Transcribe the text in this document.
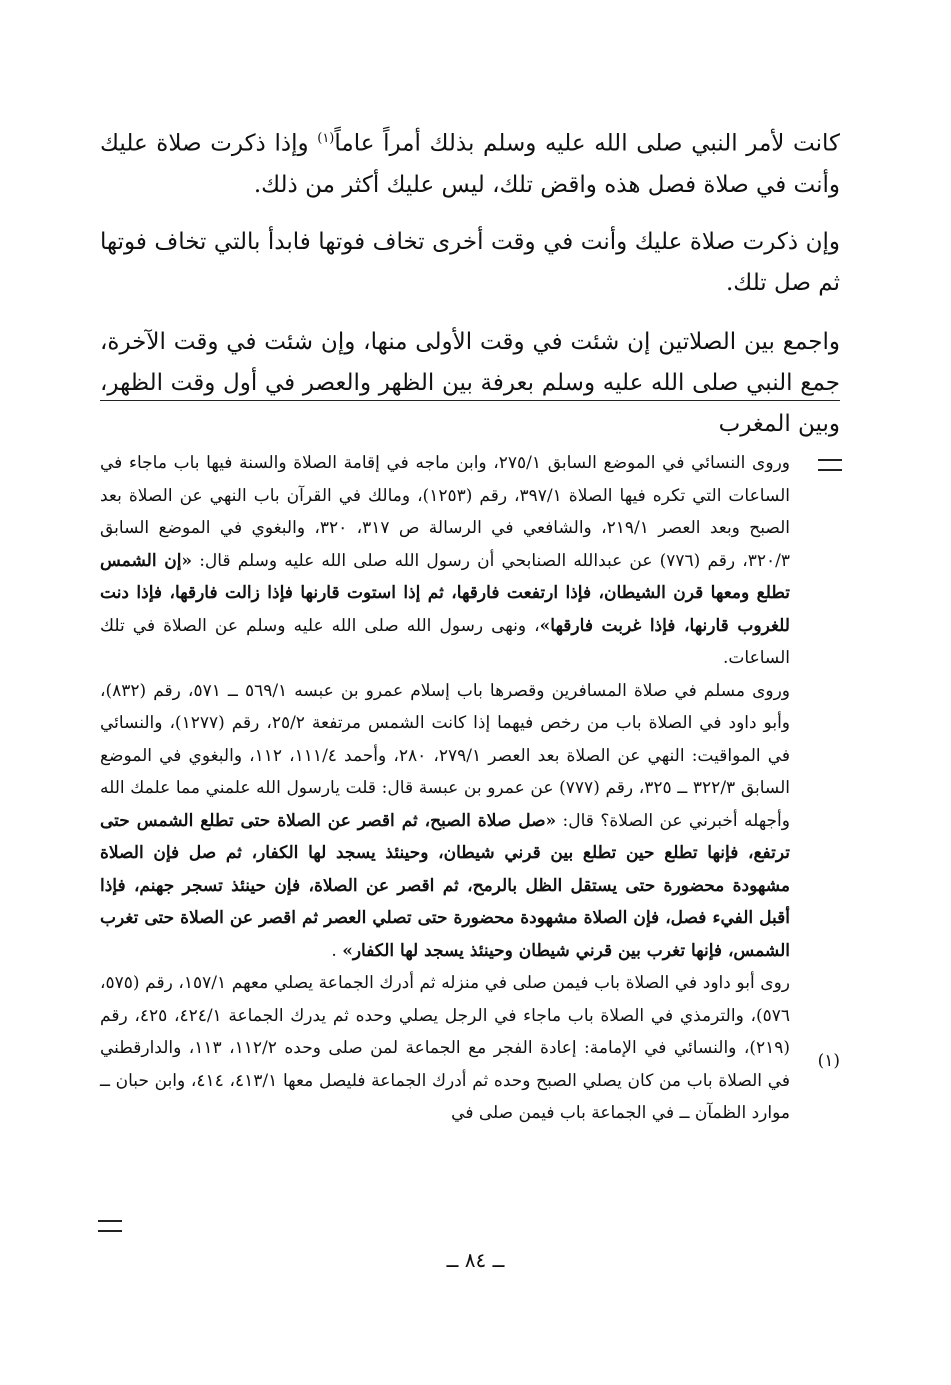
كانت لأمر النبي صلى الله عليه وسلم بذلك أمراً عاماً$^{(١)}$ وإذا ذكرت صلاة عليك وأنت في صلاة فصل هذه واقض تلك، ليس عليك أكثر من ذلك.

وإن ذكرت صلاة عليك وأنت في وقت أخرى تخاف فوتها فابدأ بالتي تخاف فوتها ثم صل تلك.

واجمع بين الصلاتين إن شئت في وقت الأولى منها، وإن شئت في وقت الآخرة، جمع النبي صلى الله عليه وسلم بعرفة بين الظهر والعصر في أول وقت الظهر، وبين المغرب

وروى النسائي في الموضع السابق ٢٧٥/١، وابن ماجه في إقامة الصلاة والسنة فيها باب ماجاء في الساعات التي تكره فيها الصلاة ٣٩٧/١، رقم (١٢٥٣)، ومالك في القرآن باب النهي عن الصلاة بعد الصبح وبعد العصر ٢١٩/١، والشافعي في الرسالة ص ٣١٧، ٣٢٠، والبغوي في الموضع السابق ٣٢٠/٣، رقم (٧٧٦) عن عبدالله الصنابحي أن رسول الله صلى الله عليه وسلم قال: «إن الشمس تطلع ومعها قرن الشيطان، فإذا ارتفعت فارقها، ثم إذا استوت قارنها فإذا زالت فارقها، فإذا دنت للغروب قارنها، فإذا غربت فارقها»، ونهى رسول الله صلى الله عليه وسلم عن الصلاة في تلك الساعات.

وروى مسلم في صلاة المسافرين وقصرها باب إسلام عمرو بن عبسه ٥٦٩/١ ــ ٥٧١، رقم (٨٣٢)، وأبو داود في الصلاة باب من رخص فيهما إذا كانت الشمس مرتفعة ٢٥/٢، رقم (١٢٧٧)، والنسائي في المواقيت: النهي عن الصلاة بعد العصر ٢٧٩/١، ٢٨٠، وأحمد ١١١/٤، ١١٢، والبغوي في الموضع السابق ٣٢٢/٣ ــ ٣٢٥، رقم (٧٧٧) عن عمرو بن عبسة قال: قلت يارسول الله علمني مما علمك الله وأجهله أخبرني عن الصلاة؟ قال: «صل صلاة الصبح، ثم اقصر عن الصلاة حتى تطلع الشمس حتى ترتفع، فإنها تطلع حين تطلع بين قرني شيطان، وحينئذ يسجد لها الكفار، ثم صل فإن الصلاة مشهودة محضورة حتى يستقل الظل بالرمح، ثم اقصر عن الصلاة، فإن حينئذ تسجر جهنم، فإذا أقبل الفيء فصل، فإن الصلاة مشهودة محضورة حتى تصلي العصر ثم اقصر عن الصلاة حتى تغرب الشمس، فإنها تغرب بين قرني شيطان وحينئذ يسجد لها الكفار» .

روى أبو داود في الصلاة باب فيمن صلى في منزله ثم أدرك الجماعة يصلي معهم ١٥٧/١، رقم (٥٧٥، ٥٧٦)، والترمذي في الصلاة باب ماجاء في الرجل يصلي وحده ثم يدرك الجماعة ٤٢٤/١، ٤٢٥، رقم (٢١٩)، والنسائي في الإمامة: إعادة الفجر مع الجماعة لمن صلى وحده ١١٢/٢، ١١٣، والدارقطني في الصلاة باب من كان يصلي الصبح وحده ثم أدرك الجماعة فليصل معها ٤١٣/١، ٤١٤، وابن حبان ــ موارد الظمآن ــ في الجماعة باب فيمن صلى في

(١)
ــ ٨٤ ــ
